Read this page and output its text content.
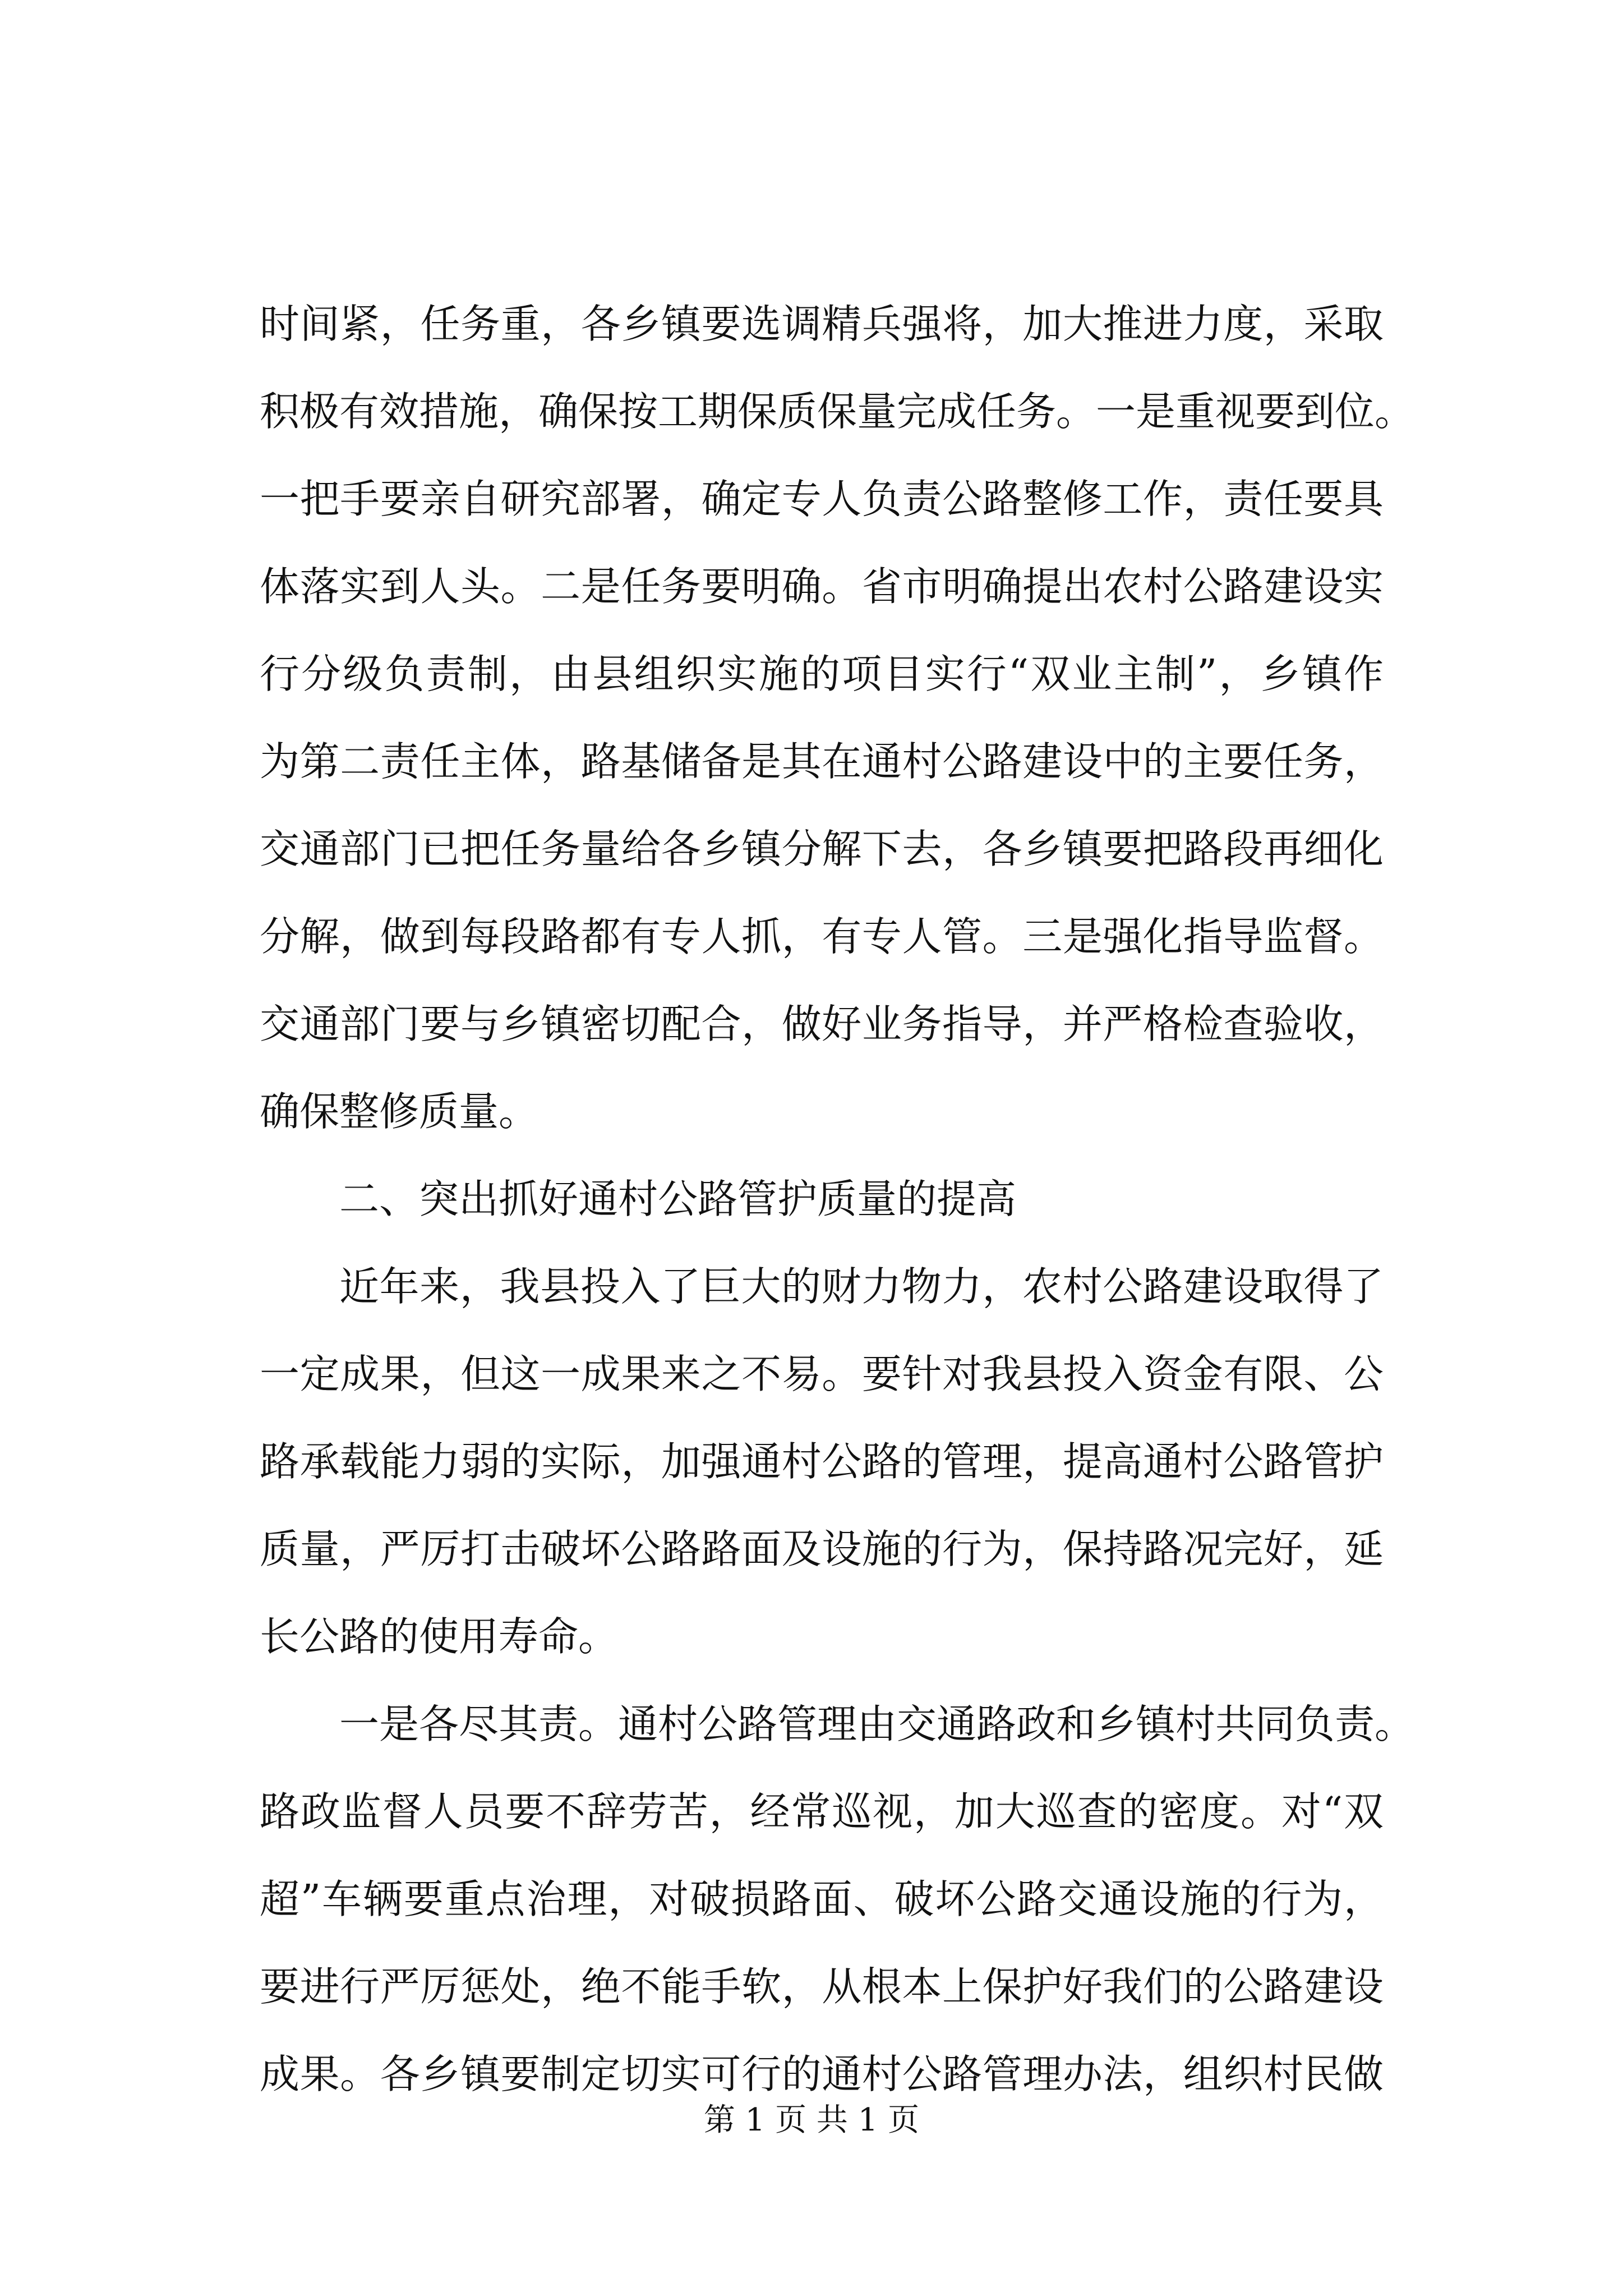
时间紧，任务重，各乡镇要选调精兵强将，加大推进力度，采取
积极有效措施，确保按工期保质保量完成任务。一是重视要到位。
一把手要亲自研究部署，确定专人负责公路整修工作，责任要具
体落实到人头。二是任务要明确。省市明确提出农村公路建设实
行分级负责制，由县组织实施的项目实行“双业主制”，乡镇作
为第二责任主体，路基储备是其在通村公路建设中的主要任务，
交通部门已把任务量给各乡镇分解下去，各乡镇要把路段再细化
分解，做到每段路都有专人抓，有专人管。三是强化指导监督。
交通部门要与乡镇密切配合，做好业务指导，并严格检查验收，
确保整修质量。
二、突出抓好通村公路管护质量的提高
近年来，我县投入了巨大的财力物力，农村公路建设取得了
一定成果，但这一成果来之不易。要针对我县投入资金有限、公
路承载能力弱的实际，加强通村公路的管理，提高通村公路管护
质量，严厉打击破坏公路路面及设施的行为，保持路况完好，延
长公路的使用寿命。
一是各尽其责。通村公路管理由交通路政和乡镇村共同负责。
路政监督人员要不辞劳苦，经常巡视，加大巡查的密度。对“双
超”车辆要重点治理，对破损路面、破坏公路交通设施的行为，
要进行严厉惩处，绝不能手软，从根本上保护好我们的公路建设
成果。各乡镇要制定切实可行的通村公路管理办法，组织村民做
第 1 页 共 1 页
